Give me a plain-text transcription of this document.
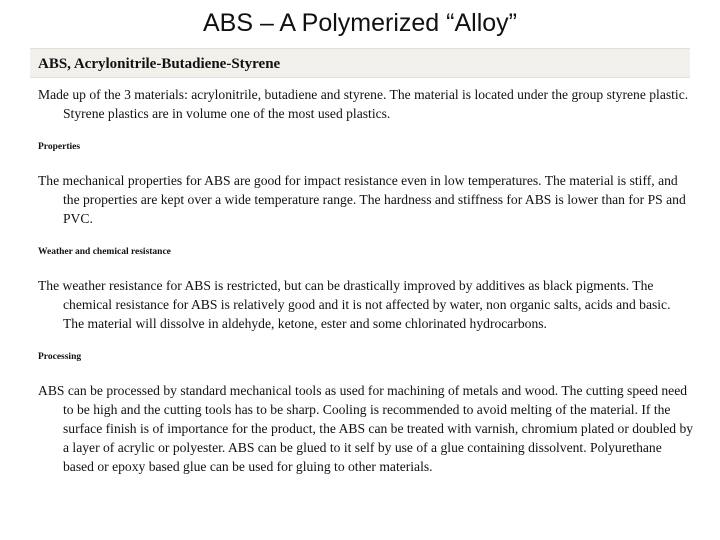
ABS – A Polymerized “Alloy”
ABS, Acrylonitrile-Butadiene-Styrene

Made up of the 3 materials: acrylonitrile, butadiene and styrene. The material is located under the group styrene plastic. Styrene plastics are in volume one of the most used plastics.

Properties

The mechanical properties for ABS are good for impact resistance even in low temperatures. The material is stiff, and the properties are kept over a wide temperature range. The hardness and stiffness for ABS is lower than for PS and PVC.

Weather and chemical resistance

The weather resistance for ABS is restricted, but can be drastically improved by additives as black pigments. The chemical resistance for ABS is relatively good and it is not affected by water, non organic salts, acids and basic. The material will dissolve in aldehyde, ketone, ester and some chlorinated hydrocarbons.

Processing

ABS can be processed by standard mechanical tools as used for machining of metals and wood. The cutting speed need to be high and the cutting tools has to be sharp. Cooling is recommended to avoid melting of the material. If the surface finish is of importance for the product, the ABS can be treated with varnish, chromium plated or doubled by a layer of acrylic or polyester. ABS can be glued to it self by use of a glue containing dissolvent. Polyurethane based or epoxy based glue can be used for gluing to other materials.
